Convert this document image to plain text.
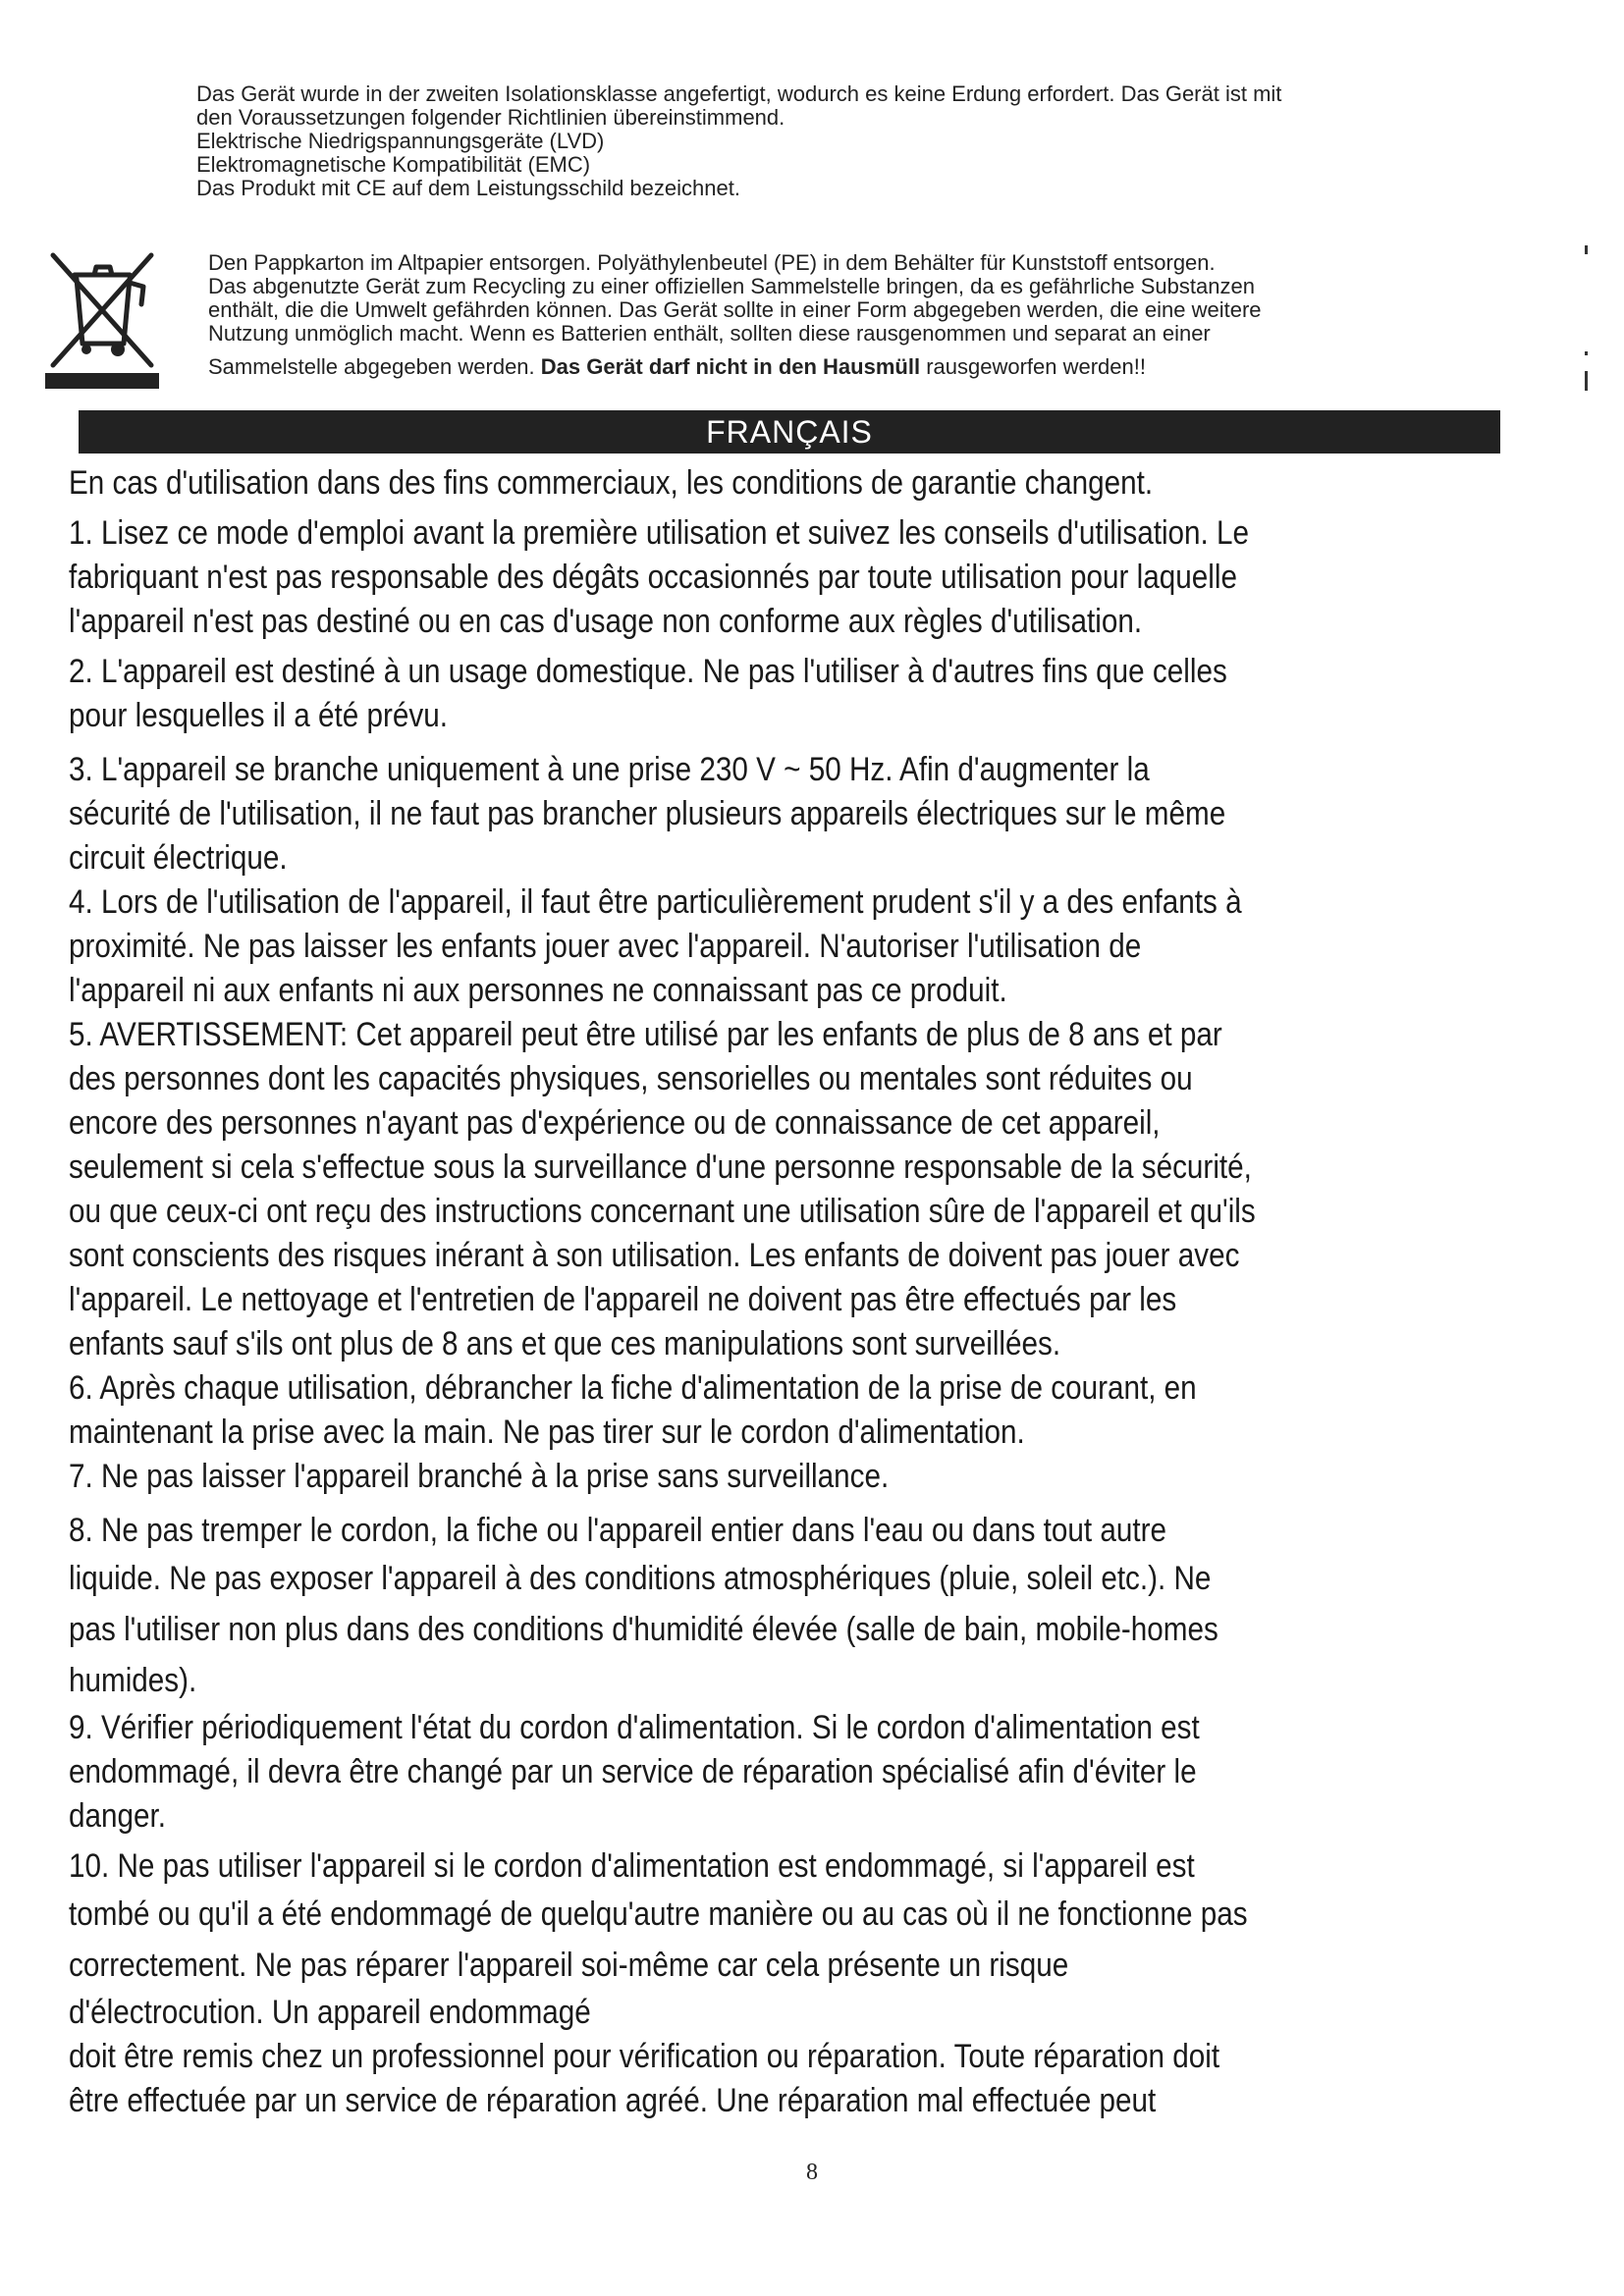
Das Gerät wurde in der zweiten Isolationsklasse angefertigt, wodurch es keine Erdung erfordert. Das Gerät ist mit
den Voraussetzungen folgender Richtlinien übereinstimmend.
Elektrische Niedrigspannungsgeräte (LVD)
Elektromagnetische Kompatibilität (EMC)
Das Produkt mit CE auf dem Leistungsschild bezeichnet.
Den Pappkarton im Altpapier entsorgen. Polyäthylenbeutel (PE) in dem Behälter für Kunststoff entsorgen.
Das abgenutzte Gerät zum Recycling zu einer offiziellen Sammelstelle bringen, da es gefährliche Substanzen
enthält, die die Umwelt gefährden können. Das Gerät sollte in einer Form abgegeben werden, die eine weitere
Nutzung unmöglich macht. Wenn es Batterien enthält, sollten diese rausgenommen und separat an einer
Sammelstelle abgegeben werden. Das Gerät darf nicht in den Hausmüll rausgeworfen werden!!
FRANÇAIS
En cas d'utilisation dans des fins commerciaux, les conditions de garantie changent.
1. Lisez ce mode d'emploi avant la première utilisation et suivez les conseils d'utilisation. Le
fabriquant n'est pas responsable des dégâts occasionnés par toute utilisation pour laquelle
l'appareil n'est pas destiné ou en cas d'usage non conforme aux règles d'utilisation.
2. L'appareil est destiné à un usage domestique. Ne pas l'utiliser à d'autres fins que celles
pour lesquelles il a été prévu.
3. L'appareil se branche uniquement à une prise 230 V ~ 50 Hz. Afin d'augmenter la
sécurité de l'utilisation, il ne faut pas brancher plusieurs appareils électriques sur le même
circuit électrique.
4. Lors de l'utilisation de l'appareil, il faut être particulièrement prudent s'il y a des enfants à
proximité. Ne pas laisser les enfants jouer avec l'appareil. N'autoriser l'utilisation de
l'appareil ni aux enfants ni aux personnes ne connaissant pas ce produit.
5. AVERTISSEMENT: Cet appareil peut être utilisé par les enfants de plus de 8 ans et par
des personnes dont les capacités physiques, sensorielles ou mentales sont réduites ou
encore des personnes n'ayant pas d'expérience ou de connaissance de cet appareil,
seulement si cela s'effectue sous la surveillance d'une personne responsable de la sécurité,
ou que ceux-ci ont reçu des instructions concernant une utilisation sûre de l'appareil et qu'ils
sont conscients des risques inérant à son utilisation. Les enfants de doivent pas jouer avec
l'appareil. Le nettoyage et l'entretien de l'appareil ne doivent pas être effectués par les
enfants sauf s'ils ont plus de 8 ans et que ces manipulations sont surveillées.
6. Après chaque utilisation, débrancher la fiche d'alimentation de la prise de courant, en
maintenant la prise avec la main. Ne pas tirer sur le cordon d'alimentation.
7. Ne pas laisser l'appareil branché à la prise sans surveillance.
8. Ne pas tremper le cordon, la fiche ou l'appareil entier dans l'eau ou dans tout autre
liquide. Ne pas exposer l'appareil à des conditions atmosphériques (pluie, soleil etc.). Ne
pas l'utiliser non plus dans des conditions d'humidité élevée (salle de bain, mobile-homes
humides).
9. Vérifier périodiquement l'état du cordon d'alimentation. Si le cordon d'alimentation est
endommagé, il devra être changé par un service de réparation spécialisé afin d'éviter le
danger.
10. Ne pas utiliser l'appareil si le cordon d'alimentation est endommagé, si l'appareil est
tombé ou qu'il a été endommagé de quelqu'autre manière ou au cas où il ne fonctionne pas
correctement. Ne pas réparer l'appareil soi-même car cela présente un risque
d'électrocution. Un appareil endommagé
doit être remis chez un professionnel pour vérification ou réparation. Toute réparation doit
être effectuée par un service de réparation agréé. Une réparation mal effectuée peut
8
